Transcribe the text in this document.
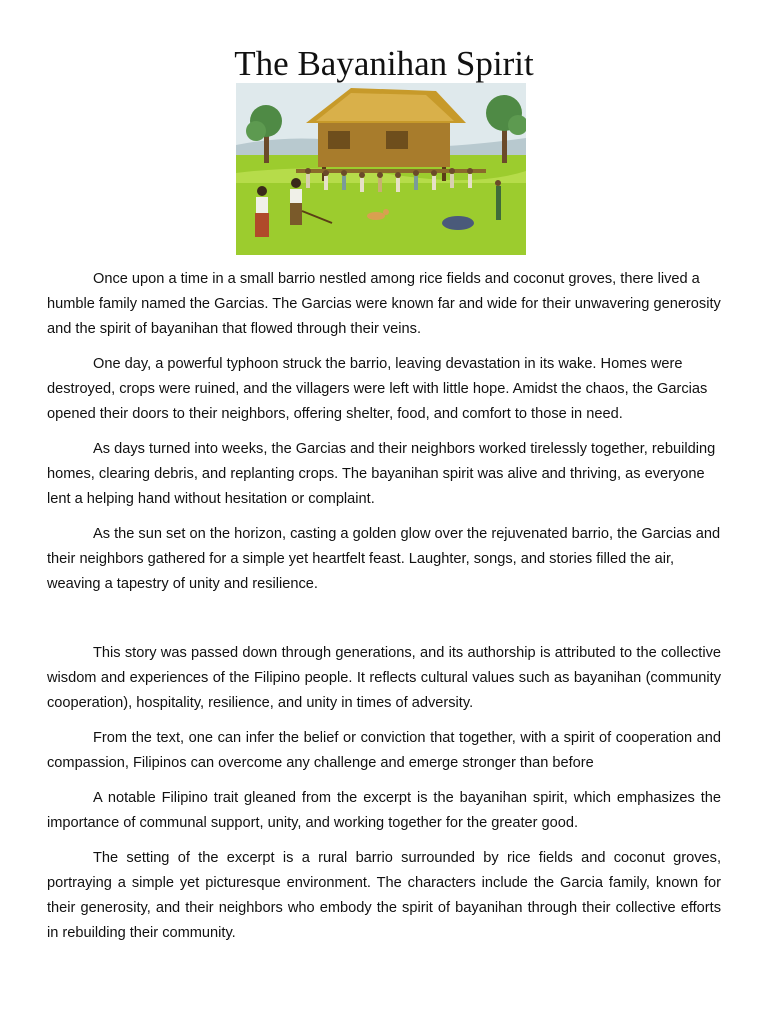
The Bayanihan Spirit

Once upon a time in a small barrio nestled among rice fields and coconut groves, there lived a humble family named the Garcias. The Garcias were known far and wide for their unwavering generosity and the spirit of bayanihan that flowed through their veins.

One day, a powerful typhoon struck the barrio, leaving devastation in its wake. Homes were destroyed, crops were ruined, and the villagers were left with little hope. Amidst the chaos, the Garcias opened their doors to their neighbors, offering shelter, food, and comfort to those in need.

As days turned into weeks, the Garcias and their neighbors worked tirelessly together, rebuilding homes, clearing debris, and replanting crops. The bayanihan spirit was alive and thriving, as everyone lent a helping hand without hesitation or complaint.

As the sun set on the horizon, casting a golden glow over the rejuvenated barrio, the Garcias and their neighbors gathered for a simple yet heartfelt feast. Laughter, songs, and stories filled the air, weaving a tapestry of unity and resilience.

This story was passed down through generations, and its authorship is attributed to the collective wisdom and experiences of the Filipino people. It reflects cultural values such as bayanihan (community cooperation), hospitality, resilience, and unity in times of adversity.

From the text, one can infer the belief or conviction that together, with a spirit of cooperation and compassion, Filipinos can overcome any challenge and emerge stronger than before

A notable Filipino trait gleaned from the excerpt is the bayanihan spirit, which emphasizes the importance of communal support, unity, and working together for the greater good.

The setting of the excerpt is a rural barrio surrounded by rice fields and coconut groves, portraying a simple yet picturesque environment. The characters include the Garcia family, known for their generosity, and their neighbors who embody the spirit of bayanihan through their collective efforts in rebuilding their community.
